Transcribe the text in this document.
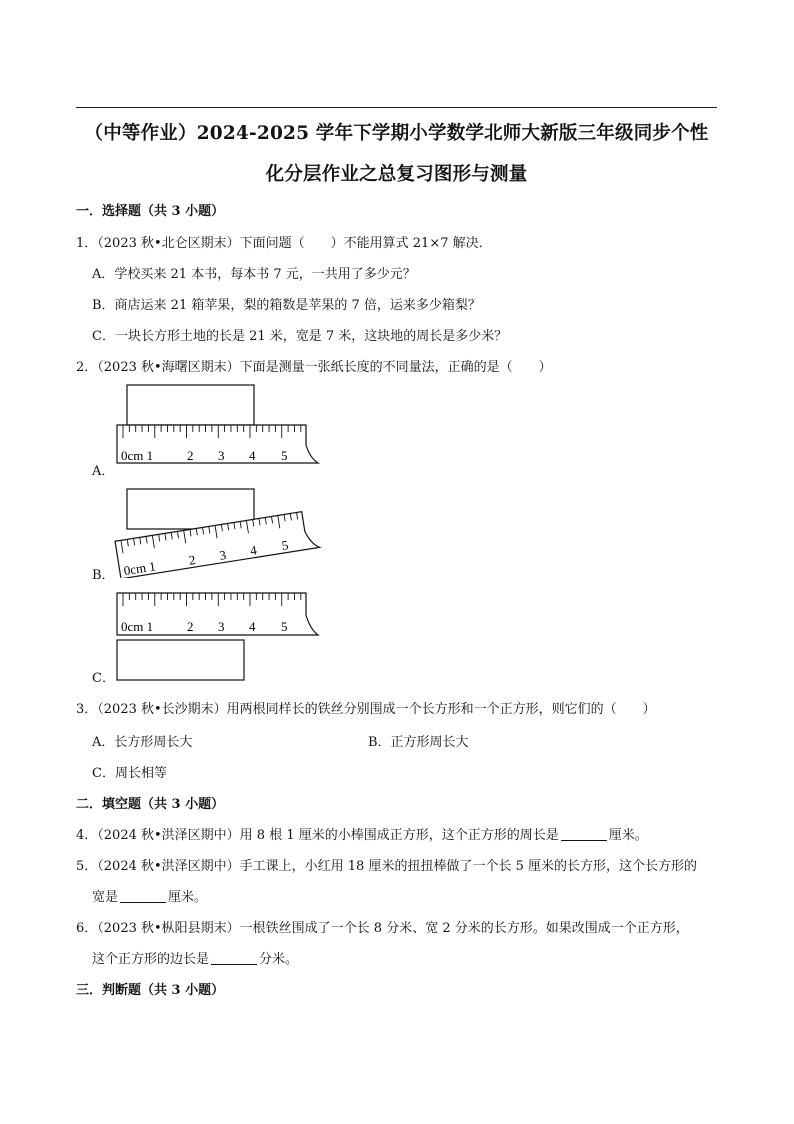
（中等作业）2024-2025 学年下学期小学数学北师大新版三年级同步个性
化分层作业之总复习图形与测量
一．选择题（共 3 小题）
1．（2023 秋•北仑区期末）下面问题（　　）不能用算式 21×7 解决．
A．学校买来 21 本书，每本书 7 元，一共用了多少元？
B．商店运来 21 箱苹果，梨的箱数是苹果的 7 倍，运来多少箱梨？
C．一块长方形土地的长是 21 米，宽是 7 米，这块地的周长是多少米？
2．（2023 秋•海曙区期末）下面是测量一张纸长度的不同量法，正确的是（　　）
0cm 1	2 3 4 5
A．
0cm 1 2 3 4 5
B．
0cm 1	2 3 4 5
C．
3．（2023 秋•长沙期末）用两根同样长的铁丝分别围成一个长方形和一个正方形，则它们的（　　）
A．长方形周长大	B．正方形周长大
C．周长相等
二．填空题（共 3 小题）
4．（2024 秋•洪泽区期中）用 8 根 1 厘米的小棒围成正方形，这个正方形的周长是	厘米。
5．（2024 秋•洪泽区期中）手工课上，小红用 18 厘米的扭扭棒做了一个长 5 厘米的长方形，这个长方形的
宽是	厘米。
6．（2023 秋•枞阳县期末）一根铁丝围成了一个长 8 分米、宽 2 分米的长方形。如果改围成一个正方形，
这个正方形的边长是	分米。
三．判断题（共 3 小题）
